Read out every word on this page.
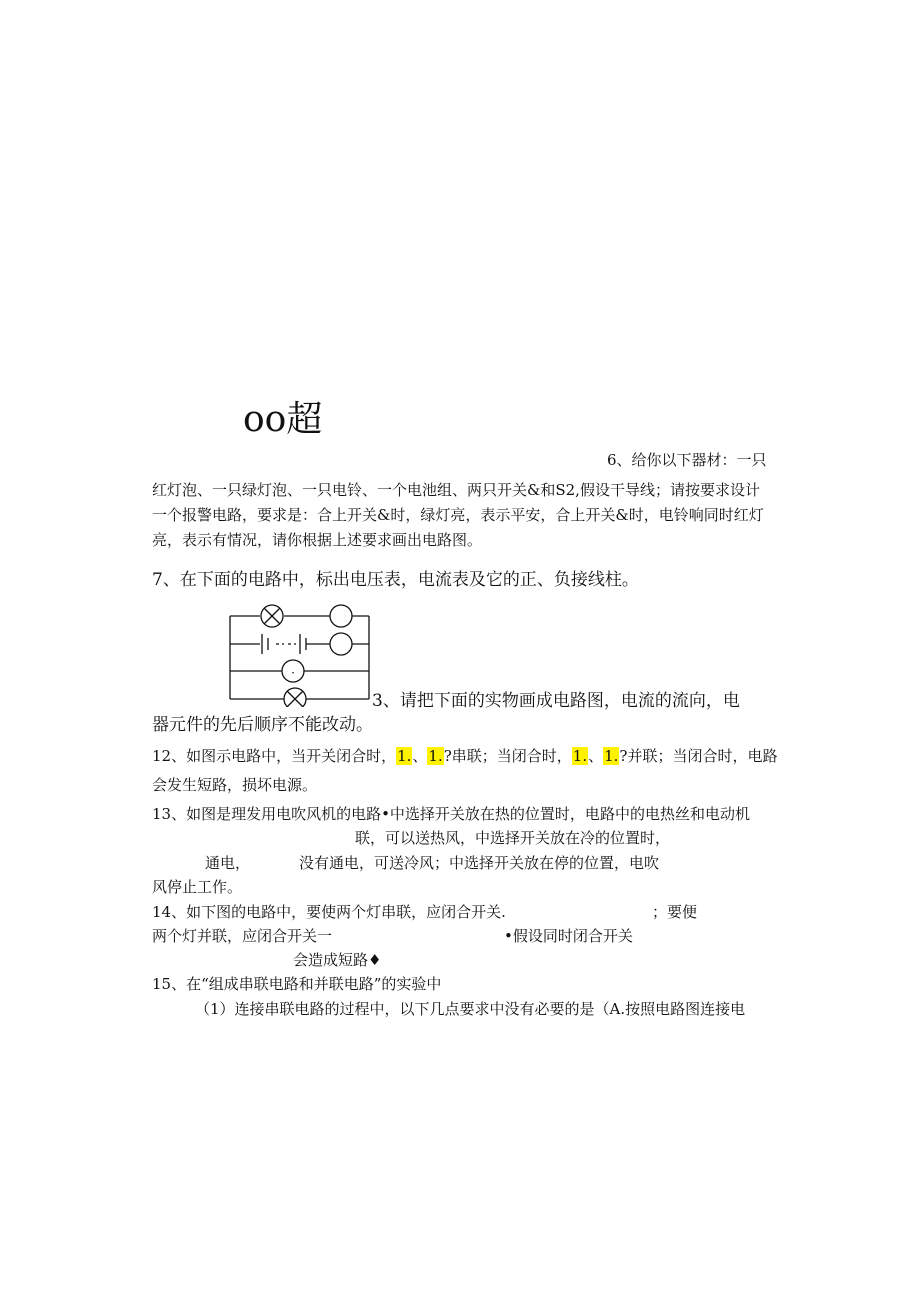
oo超
6、给你以下器材：一只
红灯泡、一只绿灯泡、一只电铃、一个电池组、两只开关&和S2,假设干导线；请按要求设计
一个报警电路，要求是：合上开关&时，绿灯亮，表示平安，合上开关&时，电铃响同时红灯
亮，表示有情况，请你根据上述要求画出电路图。
7、在下面的电路中，标出电压表，电流表及它的正、负接线柱。
·
3、请把下面的实物画成电路图，电流的流向，电
器元件的先后顺序不能改动。
12、如图示电路中，当开关闭合时，1.、1.?串联；当闭合时，1.、1.?并联；当闭合时，电路
会发生短路，损坏电源。
13、如图是理发用电吹风机的电路•中选择开关放在热的位置时，电路中的电热丝和电动机
联，可以送热风，中选择开关放在冷的位置时，
通电，	没有通电，可送冷风；中选择开关放在停的位置，电吹
风停止工作。
14、如下图的电路中，要使两个灯串联，应闭合开关.	；要便
两个灯并联，应闭合开关一	•假设同时闭合开关
会造成短路♦
15、在“组成串联电路和并联电路”的实验中
（1）连接串联电路的过程中，以下几点要求中没有必要的是（A.按照电路图连接电
